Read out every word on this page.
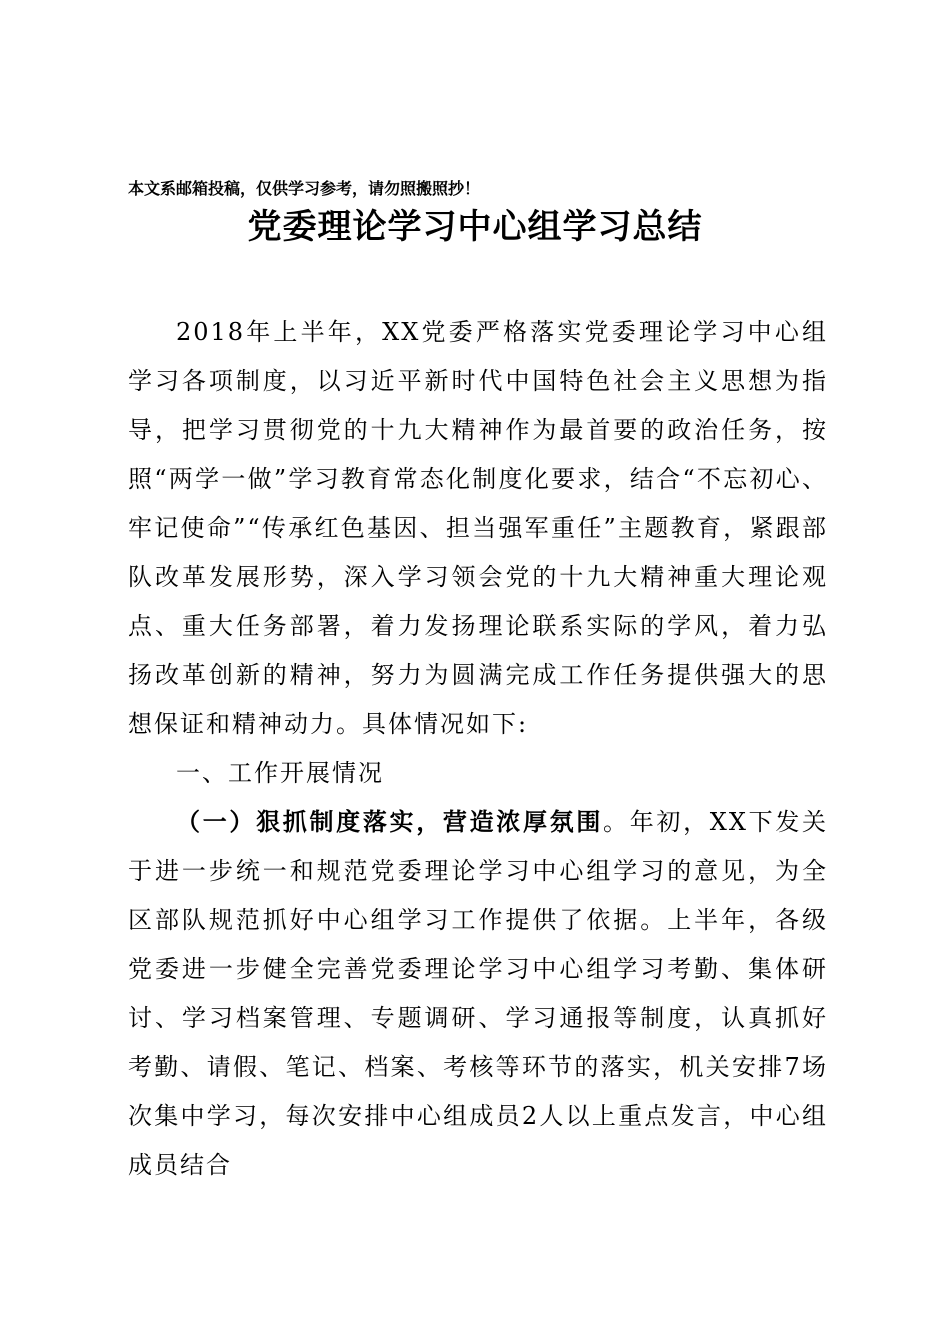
本文系邮箱投稿，仅供学习参考，请勿照搬照抄！
党委理论学习中心组学习总结

2018年上半年，XX党委严格落实党委理论学习中心组学习各项制度，以习近平新时代中国特色社会主义思想为指导，把学习贯彻党的十九大精神作为最首要的政治任务，按照“两学一做”学习教育常态化制度化要求，结合“不忘初心、牢记使命”“传承红色基因、担当强军重任”主题教育，紧跟部队改革发展形势，深入学习领会党的十九大精神重大理论观点、重大任务部署，着力发扬理论联系实际的学风，着力弘扬改革创新的精神，努力为圆满完成工作任务提供强大的思想保证和精神动力。具体情况如下:

一、工作开展情况

（一）狠抓制度落实，营造浓厚氛围。年初，XX下发关于进一步统一和规范党委理论学习中心组学习的意见，为全区部队规范抓好中心组学习工作提供了依据。上半年，各级党委进一步健全完善党委理论学习中心组学习考勤、集体研讨、学习档案管理、专题调研、学习通报等制度，认真抓好考勤、请假、笔记、档案、考核等环节的落实，机关安排7场次集中学习，每次安排中心组成员2人以上重点发言，中心组成员结合
